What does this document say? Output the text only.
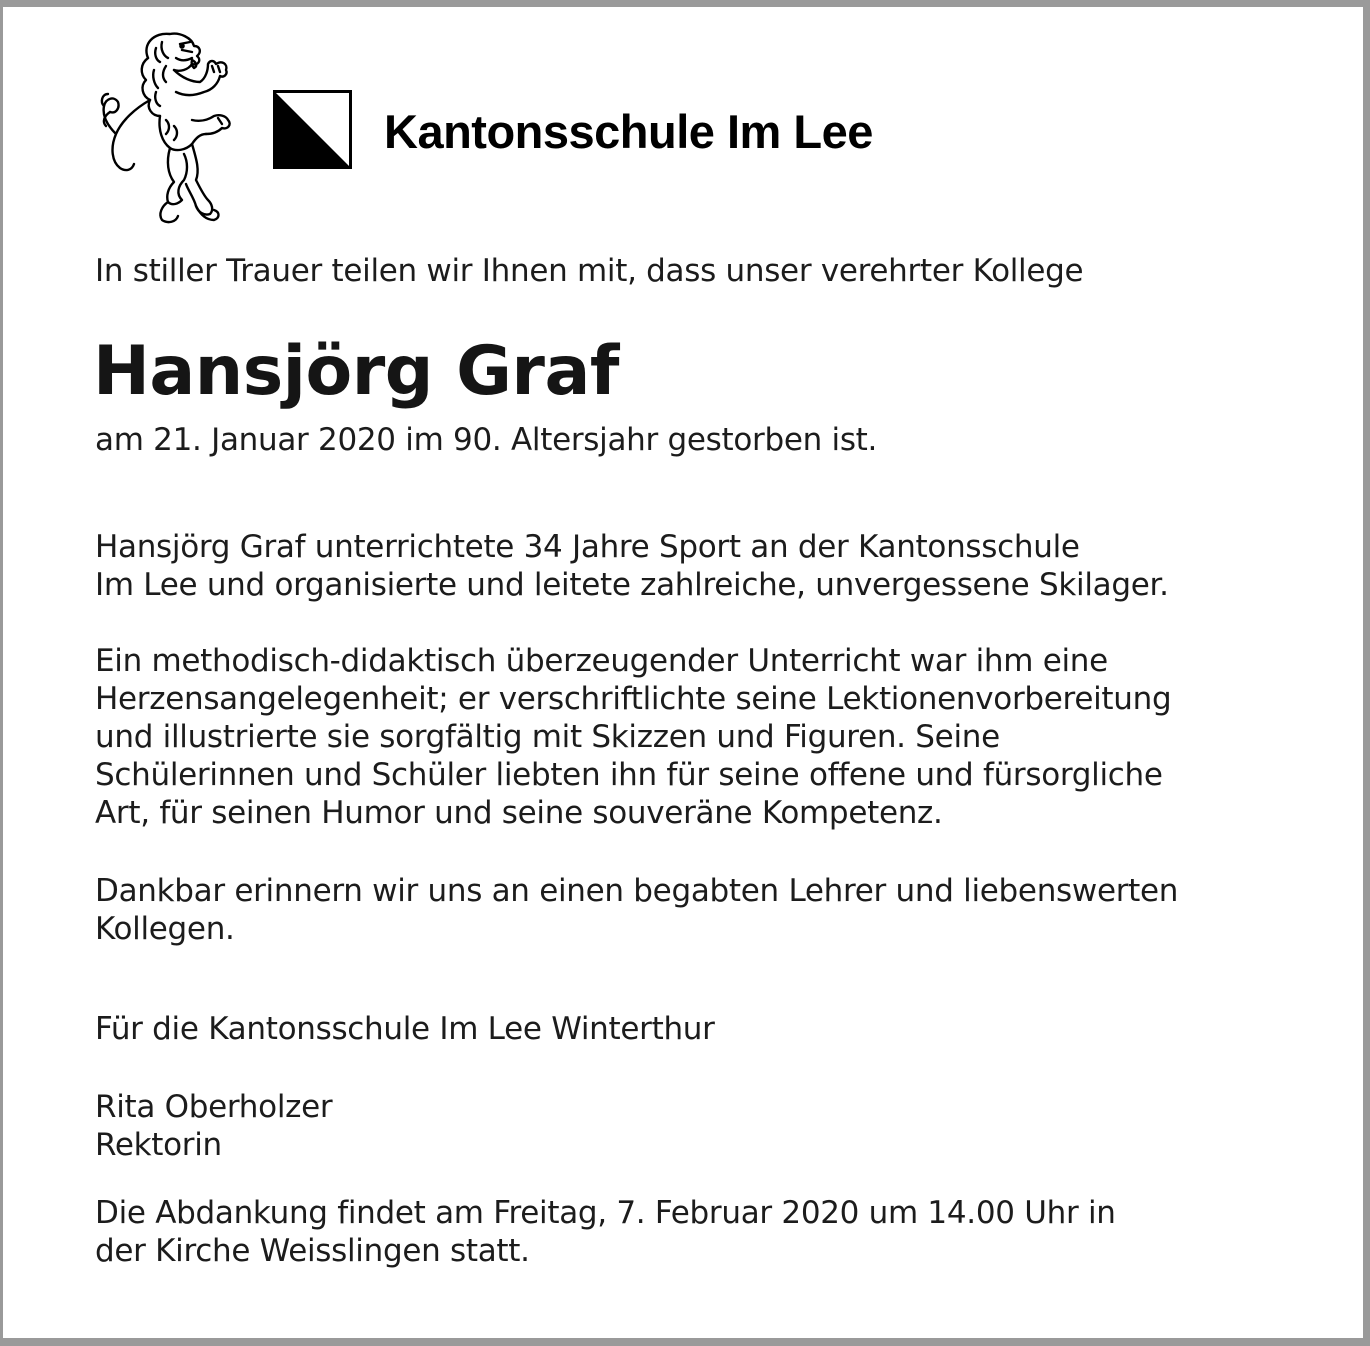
Kantonsschule Im Lee
In stiller Trauer teilen wir Ihnen mit, dass unser verehrter Kollege
Hansjörg Graf
am 21. Januar 2020 im 90. Altersjahr gestorben ist.
Hansjörg Graf unterrichtete 34 Jahre Sport an der Kantonsschule
Im Lee und organisierte und leitete zahlreiche, unvergessene Skilager.
Ein methodisch-didaktisch überzeugender Unterricht war ihm eine
Herzensangelegenheit; er verschriftlichte seine Lektionenvorbereitung
und illustrierte sie sorgfältig mit Skizzen und Figuren. Seine
Schülerinnen und Schüler liebten ihn für seine offene und fürsorgliche
Art, für seinen Humor und seine souveräne Kompetenz.
Dankbar erinnern wir uns an einen begabten Lehrer und liebenswerten
Kollegen.
Für die Kantonsschule Im Lee Winterthur
Rita Oberholzer
Rektorin
Die Abdankung findet am Freitag, 7. Februar 2020 um 14.00 Uhr in
der Kirche Weisslingen statt.
